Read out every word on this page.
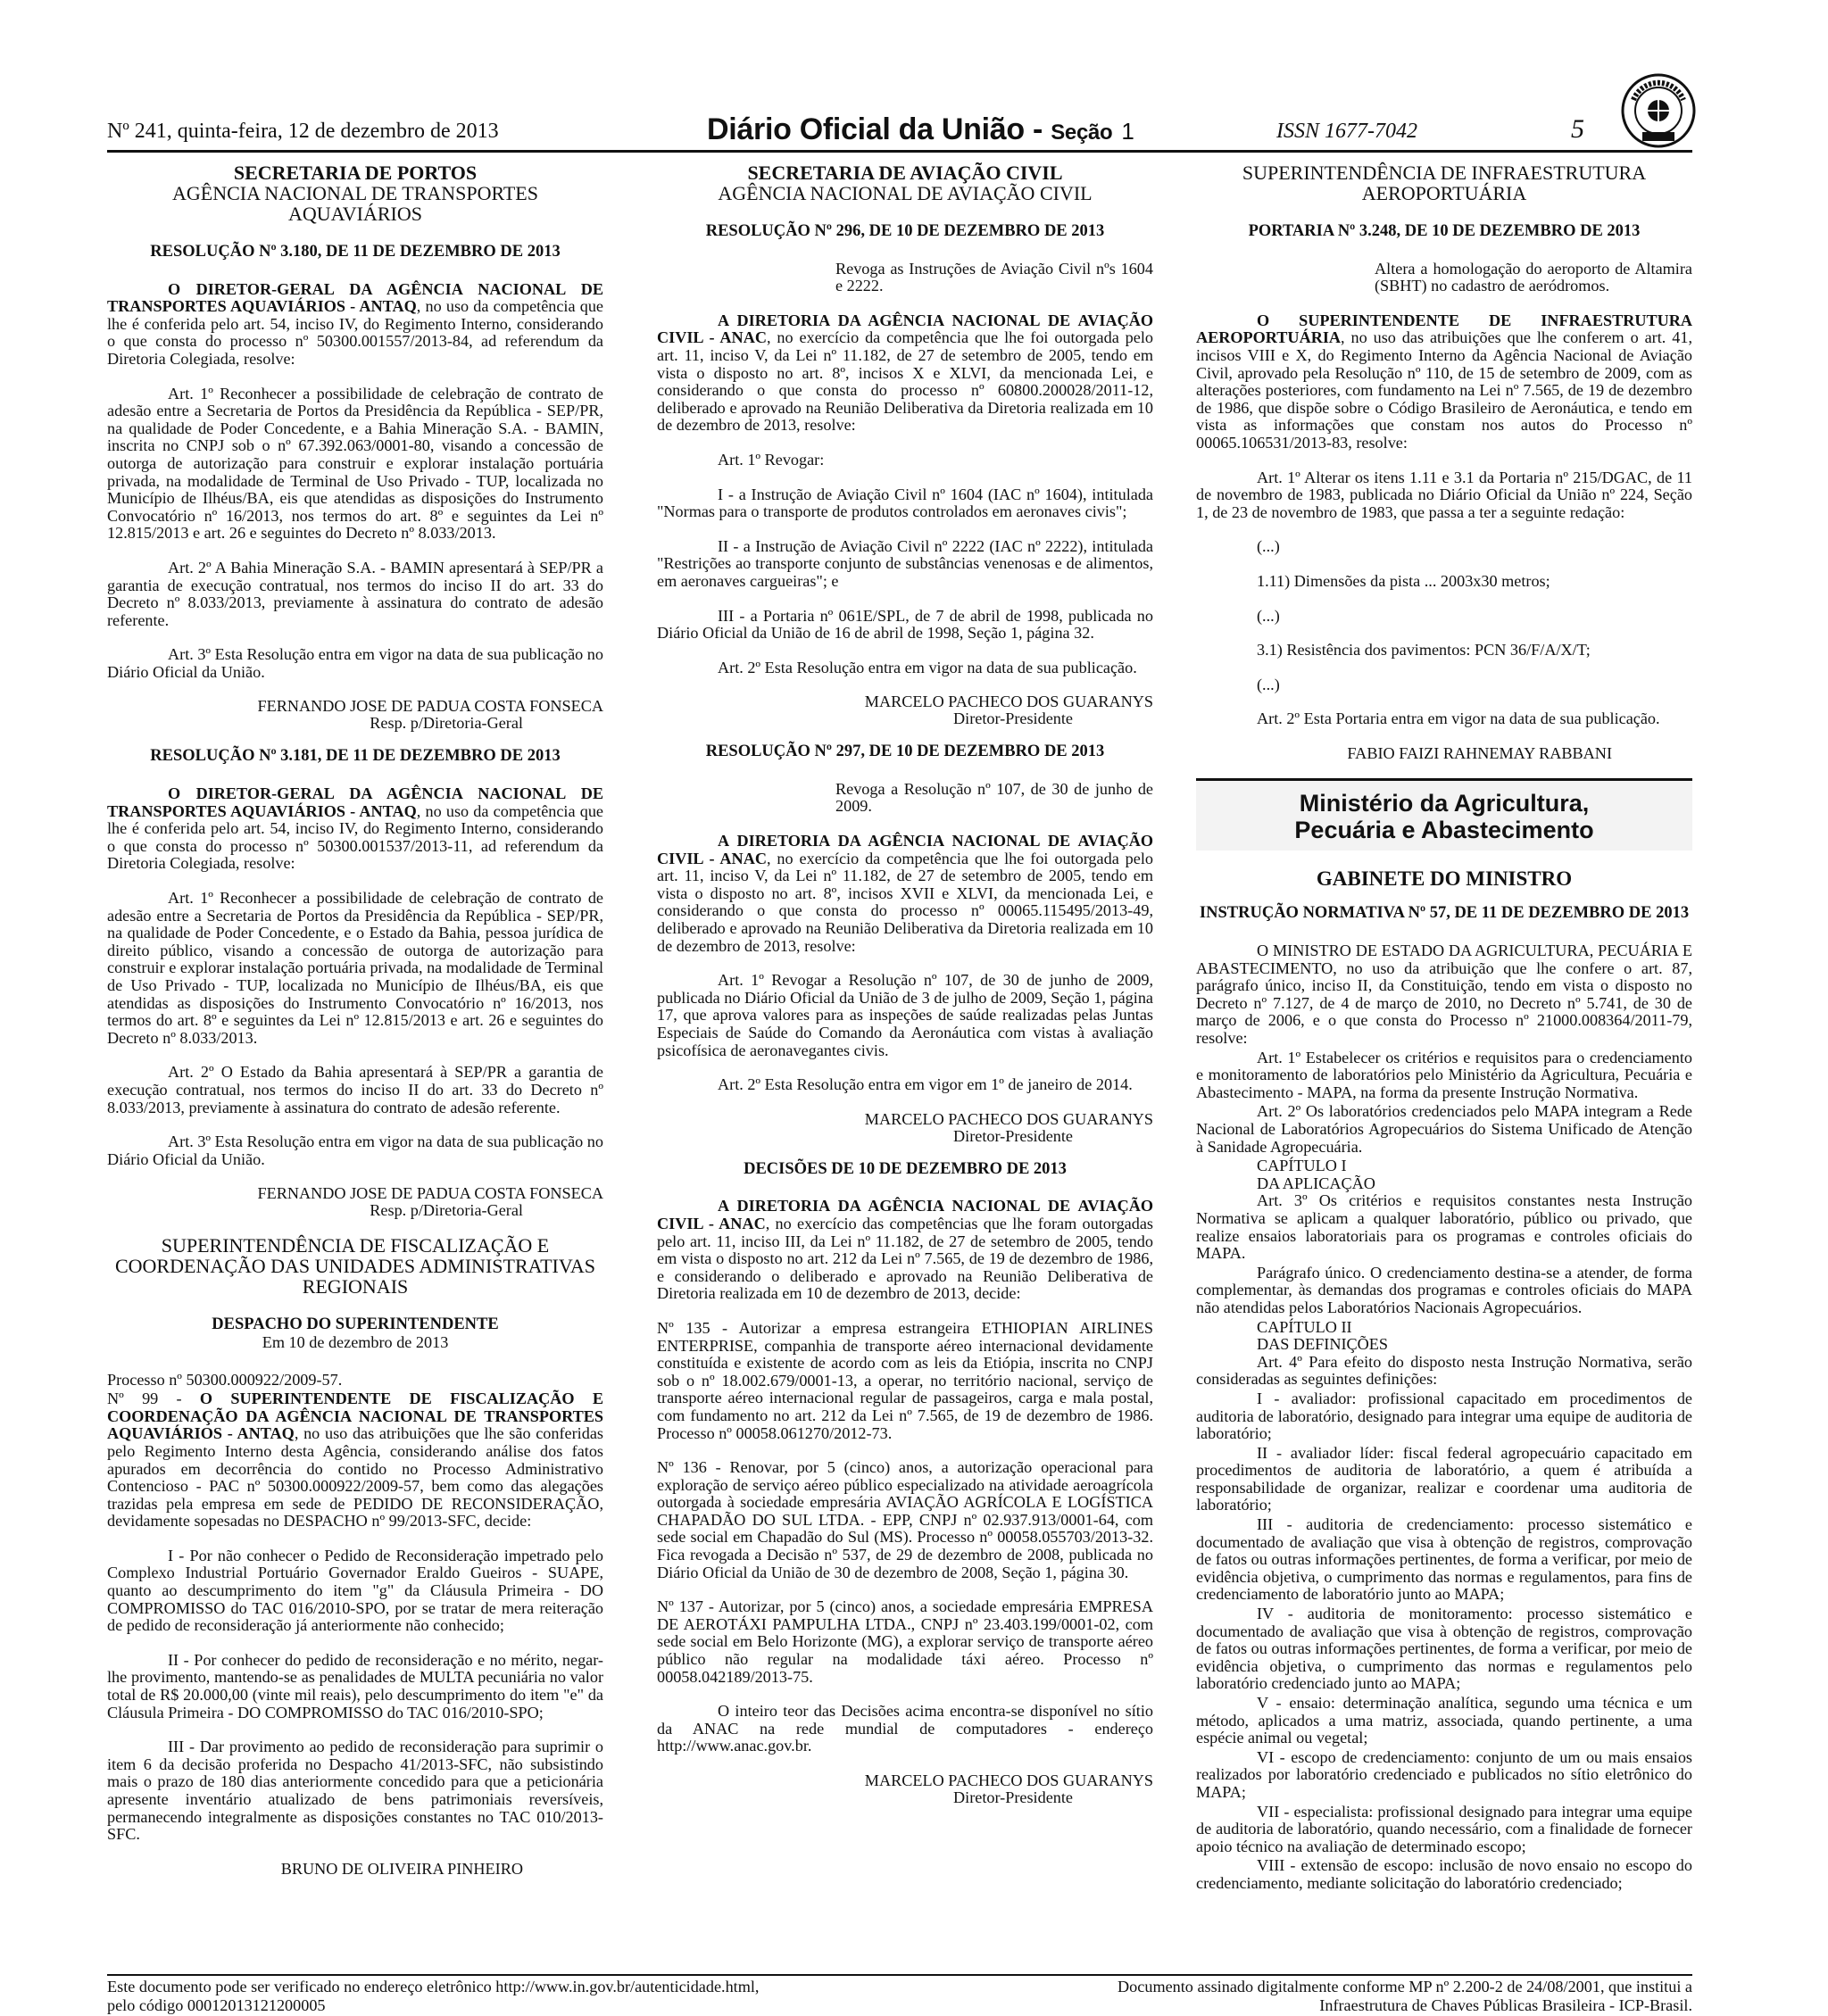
Nº 241, quinta-feira, 12 de dezembro de 2013	Diário Oficial da União - Seção 1	ISSN 1677-7042	5
SECRETARIA DE PORTOS
AGÊNCIA NACIONAL DE TRANSPORTES AQUAVIÁRIOS
RESOLUÇÃO Nº 3.180, DE 11 DE DEZEMBRO DE 2013

O DIRETOR-GERAL DA AGÊNCIA NACIONAL DE TRANSPORTES AQUAVIÁRIOS - ANTAQ, no uso da competência que lhe é conferida pelo art. 54, inciso IV, do Regimento Interno, considerando o que consta do processo nº 50300.001557/2013-84, ad referendum da Diretoria Colegiada, resolve:

Art. 1º Reconhecer a possibilidade de celebração de contrato de adesão entre a Secretaria de Portos da Presidência da República - SEP/PR, na qualidade de Poder Concedente, e a Bahia Mineração S.A. - BAMIN, inscrita no CNPJ sob o nº 67.392.063/0001-80, visando a concessão de outorga de autorização para construir e explorar instalação portuária privada, na modalidade de Terminal de Uso Privado - TUP, localizada no Município de Ilhéus/BA, eis que atendidas as disposições do Instrumento Convocatório nº 16/2013, nos termos do art. 8º e seguintes da Lei nº 12.815/2013 e art. 26 e seguintes do Decreto nº 8.033/2013.

Art. 2º A Bahia Mineração S.A. - BAMIN apresentará à SEP/PR a garantia de execução contratual, nos termos do inciso II do art. 33 do Decreto nº 8.033/2013, previamente à assinatura do contrato de adesão referente.

Art. 3º Esta Resolução entra em vigor na data de sua publicação no Diário Oficial da União.

FERNANDO JOSE DE PADUA COSTA FONSECA
Resp. p/Diretoria-Geral
RESOLUÇÃO Nº 3.181, DE 11 DE DEZEMBRO DE 2013

O DIRETOR-GERAL DA AGÊNCIA NACIONAL DE TRANSPORTES AQUAVIÁRIOS - ANTAQ, no uso da competência que lhe é conferida pelo art. 54, inciso IV, do Regimento Interno, considerando o que consta do processo nº 50300.001537/2013-11, ad referendum da Diretoria Colegiada, resolve:

Art. 1º Reconhecer a possibilidade de celebração de contrato de adesão entre a Secretaria de Portos da Presidência da República - SEP/PR, na qualidade de Poder Concedente, e o Estado da Bahia, pessoa jurídica de direito público, visando a concessão de outorga de autorização para construir e explorar instalação portuária privada, na modalidade de Terminal de Uso Privado - TUP, localizada no Município de Ilhéus/BA, eis que atendidas as disposições do Instrumento Convocatório nº 16/2013, nos termos do art. 8º e seguintes da Lei nº 12.815/2013 e art. 26 e seguintes do Decreto nº 8.033/2013.

Art. 2º O Estado da Bahia apresentará à SEP/PR a garantia de execução contratual, nos termos do inciso II do art. 33 do Decreto nº 8.033/2013, previamente à assinatura do contrato de adesão referente.

Art. 3º Esta Resolução entra em vigor na data de sua publicação no Diário Oficial da União.

FERNANDO JOSE DE PADUA COSTA FONSECA
Resp. p/Diretoria-Geral
SUPERINTENDÊNCIA DE FISCALIZAÇÃO E COORDENAÇÃO DAS UNIDADES ADMINISTRATIVAS REGIONAIS
DESPACHO DO SUPERINTENDENTE
Em 10 de dezembro de 2013

Processo nº 50300.000922/2009-57.

Nº 99 - O SUPERINTENDENTE DE FISCALIZAÇÃO E COORDENAÇÃO DA AGÊNCIA NACIONAL DE TRANSPORTES AQUAVIÁRIOS - ANTAQ, no uso das atribuições que lhe são conferidas pelo Regimento Interno desta Agência, considerando análise dos fatos apurados em decorrência do contido no Processo Administrativo Contencioso - PAC nº 50300.000922/2009-57, bem como das alegações trazidas pela empresa em sede de PEDIDO DE RECONSIDERAÇÃO, devidamente sopesadas no DESPACHO nº 99/2013-SFC, decide:

I - Por não conhecer o Pedido de Reconsideração impetrado pelo Complexo Industrial Portuário Governador Eraldo Gueiros - SUAPE, quanto ao descumprimento do item "g" da Cláusula Primeira - DO COMPROMISSO do TAC 016/2010-SPO, por se tratar de mera reiteração de pedido de reconsideração já anteriormente não conhecido;

II - Por conhecer do pedido de reconsideração e no mérito, negar-lhe provimento, mantendo-se as penalidades de MULTA pecuniária no valor total de R$ 20.000,00 (vinte mil reais), pelo descumprimento do item "e" da Cláusula Primeira - DO COMPROMISSO do TAC 016/2010-SPO;

III - Dar provimento ao pedido de reconsideração para suprimir o item 6 da decisão proferida no Despacho 41/2013-SFC, não subsistindo mais o prazo de 180 dias anteriormente concedido para que a peticionária apresente inventário atualizado de bens patrimoniais reversíveis, permanecendo integralmente as disposições constantes no TAC 010/2013-SFC.

BRUNO DE OLIVEIRA PINHEIRO
SECRETARIA DE AVIAÇÃO CIVIL
AGÊNCIA NACIONAL DE AVIAÇÃO CIVIL
RESOLUÇÃO Nº 296, DE 10 DE DEZEMBRO DE 2013
Revoga as Instruções de Aviação Civil nºs 1604 e 2222.

A DIRETORIA DA AGÊNCIA NACIONAL DE AVIAÇÃO CIVIL - ANAC, no exercício da competência que lhe foi outorgada pelo art. 11, inciso V, da Lei nº 11.182, de 27 de setembro de 2005, tendo em vista o disposto no art. 8º, incisos X e XLVI, da mencionada Lei, e considerando o que consta do processo nº 60800.200028/2011-12, deliberado e aprovado na Reunião Deliberativa da Diretoria realizada em 10 de dezembro de 2013, resolve:

Art. 1º Revogar:

I - a Instrução de Aviação Civil nº 1604 (IAC nº 1604), intitulada "Normas para o transporte de produtos controlados em aeronaves civis";

II - a Instrução de Aviação Civil nº 2222 (IAC nº 2222), intitulada "Restrições ao transporte conjunto de substâncias venenosas e de alimentos, em aeronaves cargueiras"; e

III - a Portaria nº 061E/SPL, de 7 de abril de 1998, publicada no Diário Oficial da União de 16 de abril de 1998, Seção 1, página 32.

Art. 2º Esta Resolução entra em vigor na data de sua publicação.

MARCELO PACHECO DOS GUARANYS
Diretor-Presidente
RESOLUÇÃO Nº 297, DE 10 DE DEZEMBRO DE 2013
Revoga a Resolução nº 107, de 30 de junho de 2009.

A DIRETORIA DA AGÊNCIA NACIONAL DE AVIAÇÃO CIVIL - ANAC, no exercício da competência que lhe foi outorgada pelo art. 11, inciso V, da Lei nº 11.182, de 27 de setembro de 2005, tendo em vista o disposto no art. 8º, incisos XVII e XLVI, da mencionada Lei, e considerando o que consta do processo nº 00065.115495/2013-49, deliberado e aprovado na Reunião Deliberativa da Diretoria realizada em 10 de dezembro de 2013, resolve:

Art. 1º Revogar a Resolução nº 107, de 30 de junho de 2009, publicada no Diário Oficial da União de 3 de julho de 2009, Seção 1, página 17, que aprova valores para as inspeções de saúde realizadas pelas Juntas Especiais de Saúde do Comando da Aeronáutica com vistas à avaliação psicofísica de aeronavegantes civis.

Art. 2º Esta Resolução entra em vigor em 1º de janeiro de 2014.

MARCELO PACHECO DOS GUARANYS
Diretor-Presidente
DECISÕES DE 10 DE DEZEMBRO DE 2013

A DIRETORIA DA AGÊNCIA NACIONAL DE AVIAÇÃO CIVIL - ANAC, no exercício das competências que lhe foram outorgadas pelo art. 11, inciso III, da Lei nº 11.182, de 27 de setembro de 2005, tendo em vista o disposto no art. 212 da Lei nº 7.565, de 19 de dezembro de 1986, e considerando o deliberado e aprovado na Reunião Deliberativa de Diretoria realizada em 10 de dezembro de 2013, decide:

Nº 135 - Autorizar a empresa estrangeira ETHIOPIAN AIRLINES ENTERPRISE, companhia de transporte aéreo internacional devidamente constituída e existente de acordo com as leis da Etiópia, inscrita no CNPJ sob o nº 18.002.679/0001-13, a operar, no território nacional, serviço de transporte aéreo internacional regular de passageiros, carga e mala postal, com fundamento no art. 212 da Lei nº 7.565, de 19 de dezembro de 1986. Processo nº 00058.061270/2012-73.

Nº 136 - Renovar, por 5 (cinco) anos, a autorização operacional para exploração de serviço aéreo público especializado na atividade aeroagrícola outorgada à sociedade empresária AVIAÇÃO AGRÍCOLA E LOGÍSTICA CHAPADÃO DO SUL LTDA. - EPP, CNPJ nº 02.937.913/0001-64, com sede social em Chapadão do Sul (MS). Processo nº 00058.055703/2013-32. Fica revogada a Decisão nº 537, de 29 de dezembro de 2008, publicada no Diário Oficial da União de 30 de dezembro de 2008, Seção 1, página 30.

Nº 137 - Autorizar, por 5 (cinco) anos, a sociedade empresária EMPRESA DE AEROTÁXI PAMPULHA LTDA., CNPJ nº 23.403.199/0001-02, com sede social em Belo Horizonte (MG), a explorar serviço de transporte aéreo público não regular na modalidade táxi aéreo. Processo nº 00058.042189/2013-75.

O inteiro teor das Decisões acima encontra-se disponível no sítio da ANAC na rede mundial de computadores - endereço http://www.anac.gov.br.

MARCELO PACHECO DOS GUARANYS
Diretor-Presidente
SUPERINTENDÊNCIA DE INFRAESTRUTURA AEROPORTUÁRIA
PORTARIA Nº 3.248, DE 10 DE DEZEMBRO DE 2013
Altera a homologação do aeroporto de Altamira (SBHT) no cadastro de aeródromos.

O SUPERINTENDENTE DE INFRAESTRUTURA AEROPORTUÁRIA, no uso das atribuições que lhe conferem o art. 41, incisos VIII e X, do Regimento Interno da Agência Nacional de Aviação Civil, aprovado pela Resolução nº 110, de 15 de setembro de 2009, com as alterações posteriores, com fundamento na Lei nº 7.565, de 19 de dezembro de 1986, que dispõe sobre o Código Brasileiro de Aeronáutica, e tendo em vista as informações que constam nos autos do Processo nº 00065.106531/2013-83, resolve:

Art. 1º Alterar os itens 1.11 e 3.1 da Portaria nº 215/DGAC, de 11 de novembro de 1983, publicada no Diário Oficial da União nº 224, Seção 1, de 23 de novembro de 1983, que passa a ter a seguinte redação:

(...)

1.11) Dimensões da pista ... 2003x30 metros;

(...)

3.1) Resistência dos pavimentos: PCN 36/F/A/X/T;

(...)

Art. 2º Esta Portaria entra em vigor na data de sua publicação.

FABIO FAIZI RAHNEMAY RABBANI
Ministério da Agricultura,
Pecuária e Abastecimento
GABINETE DO MINISTRO
INSTRUÇÃO NORMATIVA Nº 57, DE 11 DE DEZEMBRO DE 2013

O MINISTRO DE ESTADO DA AGRICULTURA, PECUÁRIA E ABASTECIMENTO, no uso da atribuição que lhe confere o art. 87, parágrafo único, inciso II, da Constituição, tendo em vista o disposto no Decreto nº 7.127, de 4 de março de 2010, no Decreto nº 5.741, de 30 de março de 2006, e o que consta do Processo nº 21000.008364/2011-79, resolve:

Art. 1º Estabelecer os critérios e requisitos para o credenciamento e monitoramento de laboratórios pelo Ministério da Agricultura, Pecuária e Abastecimento - MAPA, na forma da presente Instrução Normativa.

Art. 2º Os laboratórios credenciados pelo MAPA integram a Rede Nacional de Laboratórios Agropecuários do Sistema Unificado de Atenção à Sanidade Agropecuária.

CAPÍTULO I

DA APLICAÇÃO

Art. 3º Os critérios e requisitos constantes nesta Instrução Normativa se aplicam a qualquer laboratório, público ou privado, que realize ensaios laboratoriais para os programas e controles oficiais do MAPA.

Parágrafo único. O credenciamento destina-se a atender, de forma complementar, às demandas dos programas e controles oficiais do MAPA não atendidas pelos Laboratórios Nacionais Agropecuários.

CAPÍTULO II

DAS DEFINIÇÕES

Art. 4º Para efeito do disposto nesta Instrução Normativa, serão consideradas as seguintes definições:

I - avaliador: profissional capacitado em procedimentos de auditoria de laboratório, designado para integrar uma equipe de auditoria de laboratório;

II - avaliador líder: fiscal federal agropecuário capacitado em procedimentos de auditoria de laboratório, a quem é atribuída a responsabilidade de organizar, realizar e coordenar uma auditoria de laboratório;

III - auditoria de credenciamento: processo sistemático e documentado de avaliação que visa à obtenção de registros, comprovação de fatos ou outras informações pertinentes, de forma a verificar, por meio de evidência objetiva, o cumprimento das normas e regulamentos, para fins de credenciamento de laboratório junto ao MAPA;

IV - auditoria de monitoramento: processo sistemático e documentado de avaliação que visa à obtenção de registros, comprovação de fatos ou outras informações pertinentes, de forma a verificar, por meio de evidência objetiva, o cumprimento das normas e regulamentos pelo laboratório credenciado junto ao MAPA;

V - ensaio: determinação analítica, segundo uma técnica e um método, aplicados a uma matriz, associada, quando pertinente, a uma espécie animal ou vegetal;

VI - escopo de credenciamento: conjunto de um ou mais ensaios realizados por laboratório credenciado e publicados no sítio eletrônico do MAPA;

VII - especialista: profissional designado para integrar uma equipe de auditoria de laboratório, quando necessário, com a finalidade de fornecer apoio técnico na avaliação de determinado escopo;

VIII - extensão de escopo: inclusão de novo ensaio no escopo do credenciamento, mediante solicitação do laboratório credenciado;

Este documento pode ser verificado no endereço eletrônico http://www.in.gov.br/autenticidade.html,
pelo código 00012013121200005
Documento assinado digitalmente conforme MP nº 2.200-2 de 24/08/2001, que institui a
Infraestrutura de Chaves Públicas Brasileira - ICP-Brasil.
